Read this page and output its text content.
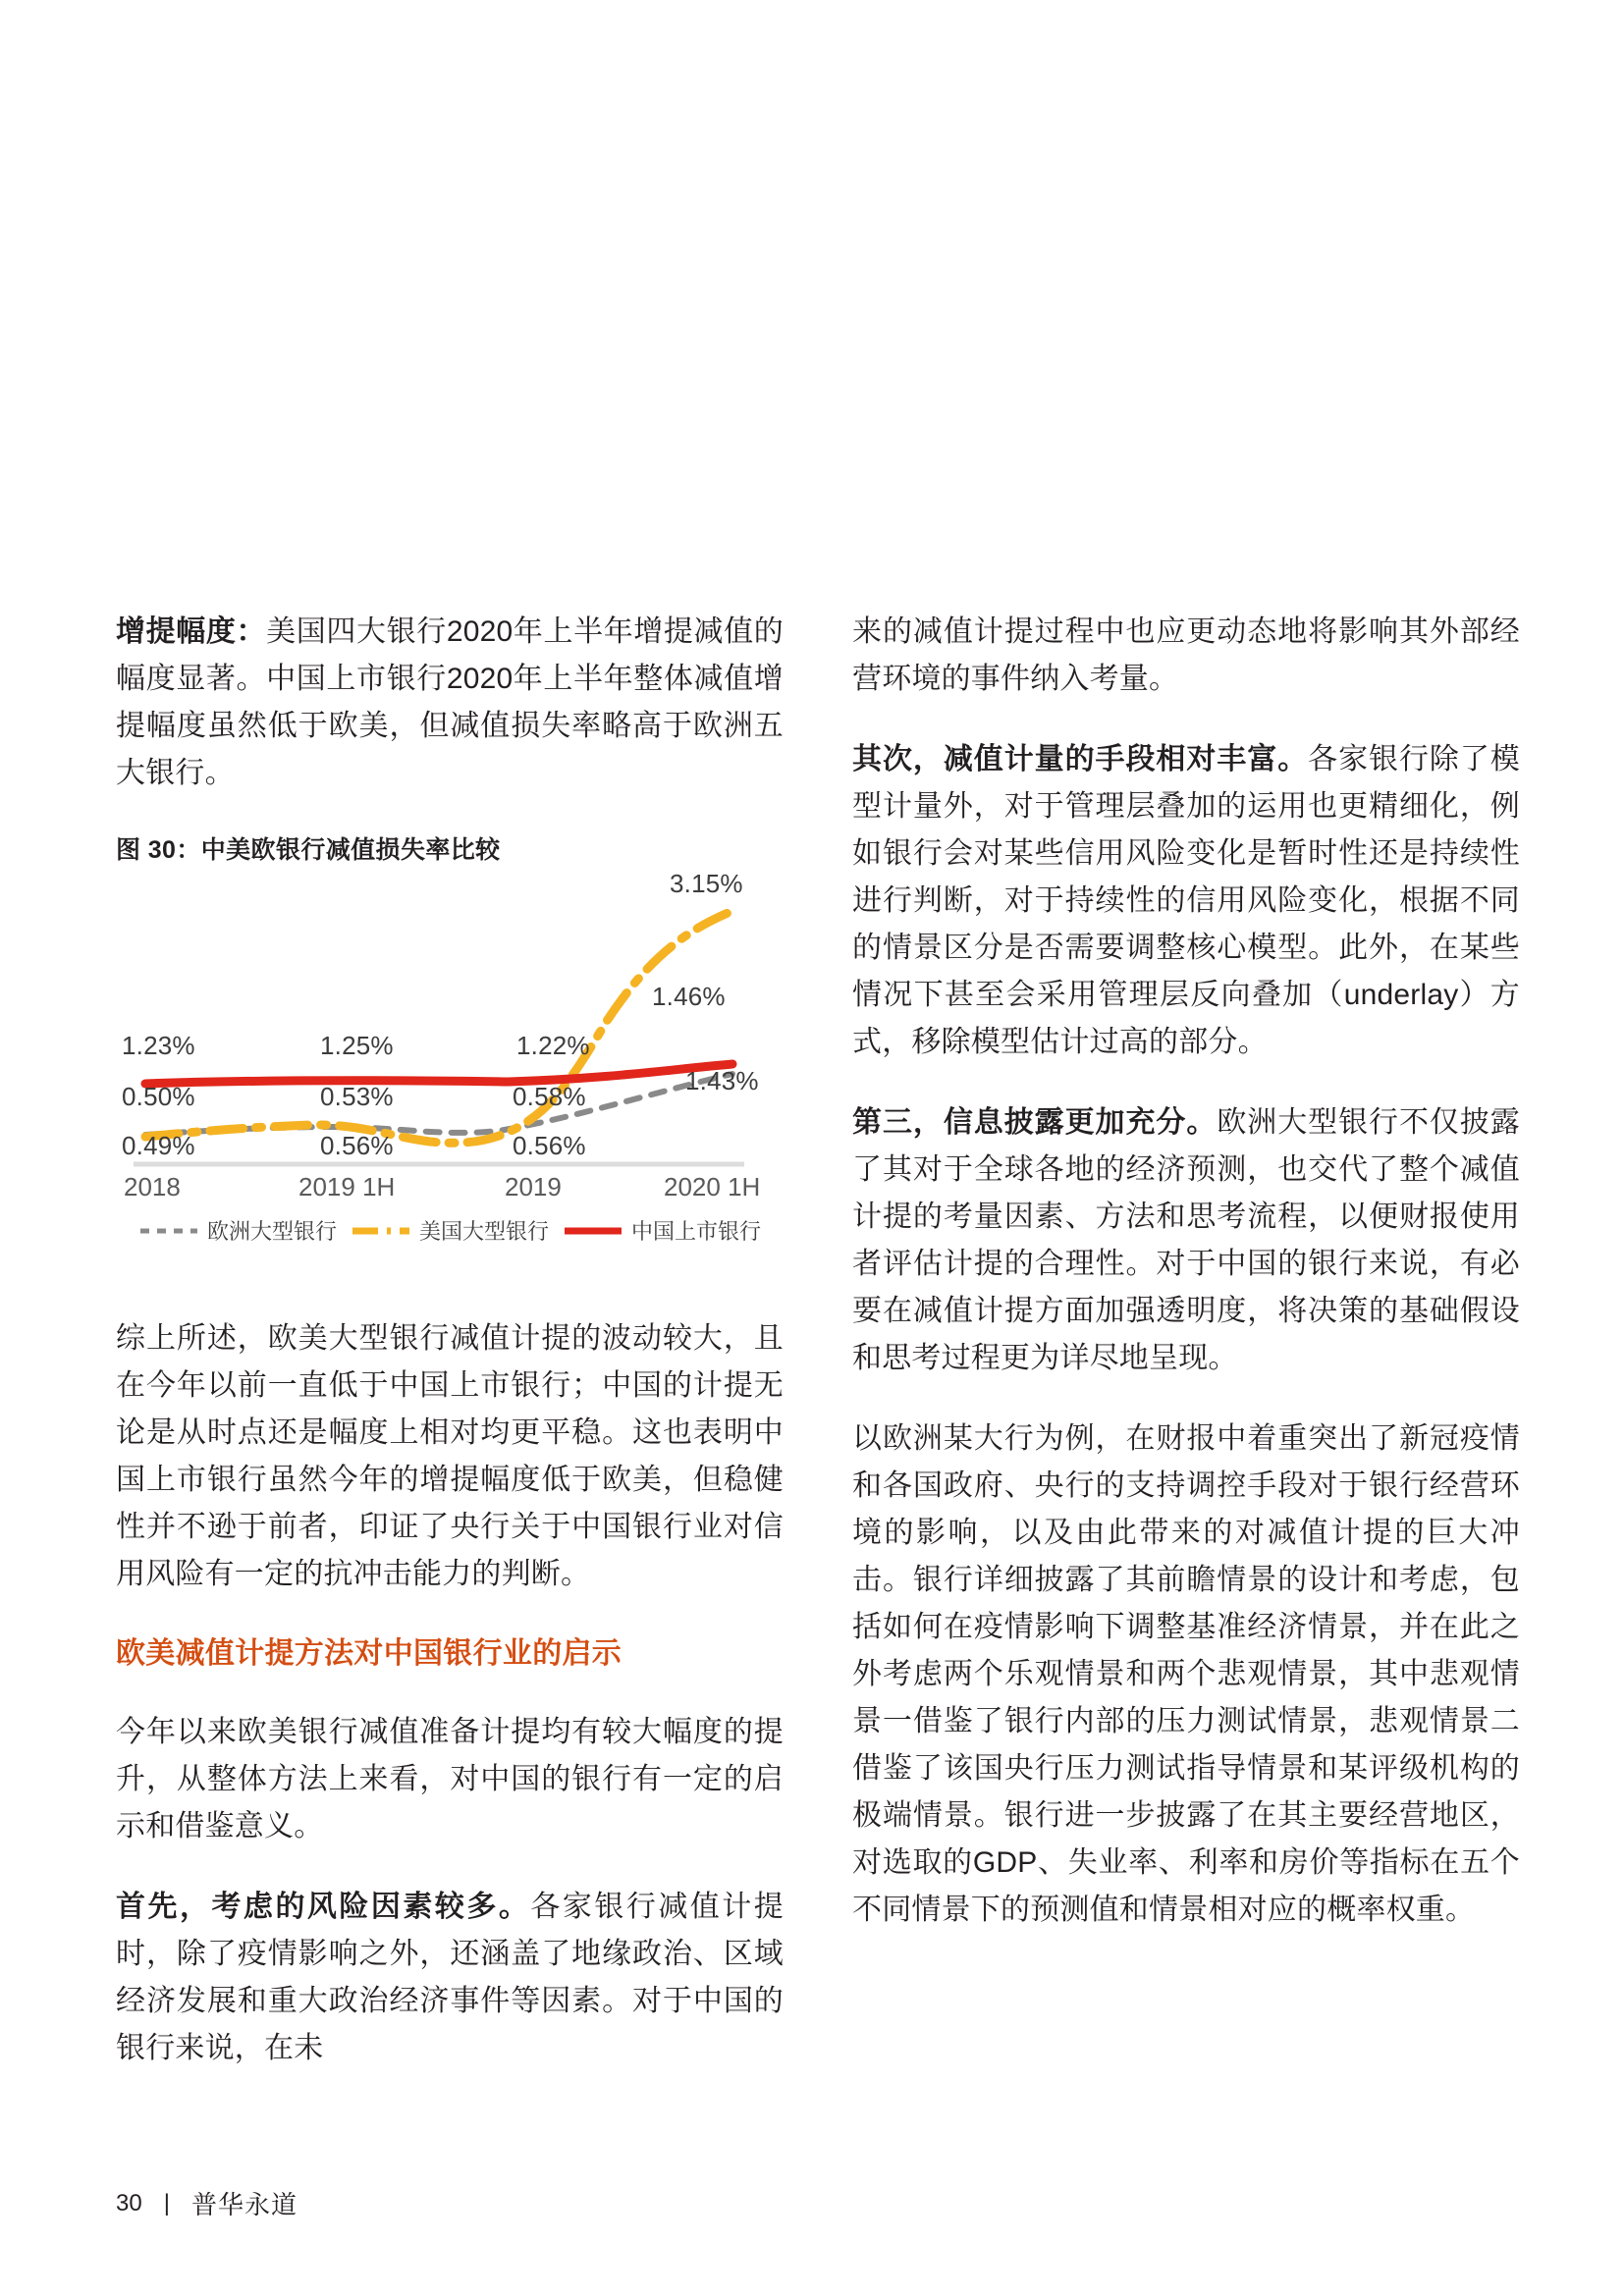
增提幅度：美国四大银行2020年上半年增提减值的幅度显著。中国上市银行2020年上半年整体减值增提幅度虽然低于欧美，但减值损失率略高于欧洲五大银行。

图 30：中美欧银行减值损失率比较
1.23%	1.25%	1.22%
1.46%
0.50%	0.53%	0.58%
3.15%
0.49%	0.56%	0.56%
1.43%
2018	2019 1H	2019	2020 1H
欧洲大型银行	美国大型银行	中国上市银行

综上所述，欧美大型银行减值计提的波动较大，且在今年以前一直低于中国上市银行；中国的计提无论是从时点还是幅度上相对均更平稳。这也表明中国上市银行虽然今年的增提幅度低于欧美，但稳健性并不逊于前者，印证了央行关于中国银行业对信用风险有一定的抗冲击能力的判断。

欧美减值计提方法对中国银行业的启示

今年以来欧美银行减值准备计提均有较大幅度的提升，从整体方法上来看，对中国的银行有一定的启示和借鉴意义。

首先，考虑的风险因素较多。各家银行减值计提时，除了疫情影响之外，还涵盖了地缘政治、区域经济发展和重大政治经济事件等因素。对于中国的银行来说，在未

来的减值计提过程中也应更动态地将影响其外部经营环境的事件纳入考量。

其次，减值计量的手段相对丰富。各家银行除了模型计量外，对于管理层叠加的运用也更精细化，例如银行会对某些信用风险变化是暂时性还是持续性进行判断，对于持续性的信用风险变化，根据不同的情景区分是否需要调整核心模型。此外，在某些情况下甚至会采用管理层反向叠加（underlay）方式，移除模型估计过高的部分。

第三，信息披露更加充分。欧洲大型银行不仅披露了其对于全球各地的经济预测，也交代了整个减值计提的考量因素、方法和思考流程，以便财报使用者评估计提的合理性。对于中国的银行来说，有必要在减值计提方面加强透明度，将决策的基础假设和思考过程更为详尽地呈现。

以欧洲某大行为例，在财报中着重突出了新冠疫情和各国政府、央行的支持调控手段对于银行经营环境的影响，以及由此带来的对减值计提的巨大冲击。银行详细披露了其前瞻情景的设计和考虑，包括如何在疫情影响下调整基准经济情景，并在此之外考虑两个乐观情景和两个悲观情景，其中悲观情景一借鉴了银行内部的压力测试情景，悲观情景二借鉴了该国央行压力测试指导情景和某评级机构的极端情景。银行进一步披露了在其主要经营地区，对选取的GDP、失业率、利率和房价等指标在五个不同情景下的预测值和情景相对应的概率权重。

30 | 普华永道
